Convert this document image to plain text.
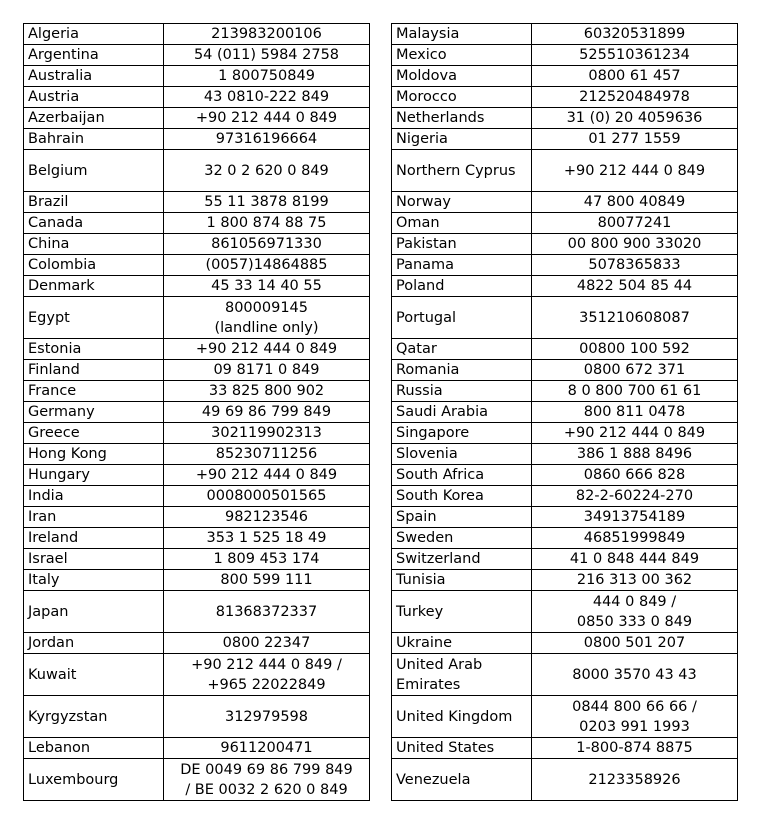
Algeria	213983200106
Argentina	54 (011) 5984 2758
Australia	1 800750849
Austria	43 0810-222 849
Azerbaijan	+90 212 444 0 849
Bahrain	97316196664
Belgium	32 0 2 620 0 849
Brazil	55 11 3878 8199
Canada	1 800 874 88 75
China	861056971330
Colombia	(0057)14864885
Denmark	45 33 14 40 55
Egypt	800009145
(landline only)

Estonia	+90 212 444 0 849
Finland	09 8171 0 849
France	33 825 800 902
Germany	49 69 86 799 849
Greece	302119902313
Hong Kong	85230711256
Hungary	+90 212 444 0 849
India	0008000501565
Iran	982123546
Ireland	353 1 525 18 49
Israel	1 809 453 174
Italy	800 599 111
Japan	81368372337
Jordan	0800 22347
Kuwait	+90 212 444 0 849 /
+965 22022849

Kyrgyzstan	312979598
Lebanon	9611200471
Luxembourg	DE 0049 69 86 799 849
/ BE 0032 2 620 0 849
Malaysia	60320531899
Mexico	525510361234
Moldova	0800 61 457
Morocco	212520484978
Netherlands	31 (0) 20 4059636
Nigeria	01 277 1559
Northern Cyprus	+90 212 444 0 849
Norway	47 800 40849
Oman	80077241
Pakistan	00 800 900 33020
Panama	5078365833
Poland	4822 504 85 44
Portugal	351210608087
Qatar	00800 100 592
Romania	0800 672 371
Russia	8 0 800 700 61 61
Saudi Arabia	800 811 0478
Singapore	+90 212 444 0 849
Slovenia	386 1 888 8496
South Africa	0860 666 828
South Korea	82-2-60224-270
Spain	34913754189
Sweden	46851999849
Switzerland	41 0 848 444 849
Tunisia	216 313 00 362
Turkey	444 0 849 /
0850 333 0 849

Ukraine	0800 501 207

United Arab
Emirates	8000 3570 43 43
United Kingdom	0844 800 66 66 /
0203 991 1993

United States	1-800-874 8875
Venezuela	2123358926
